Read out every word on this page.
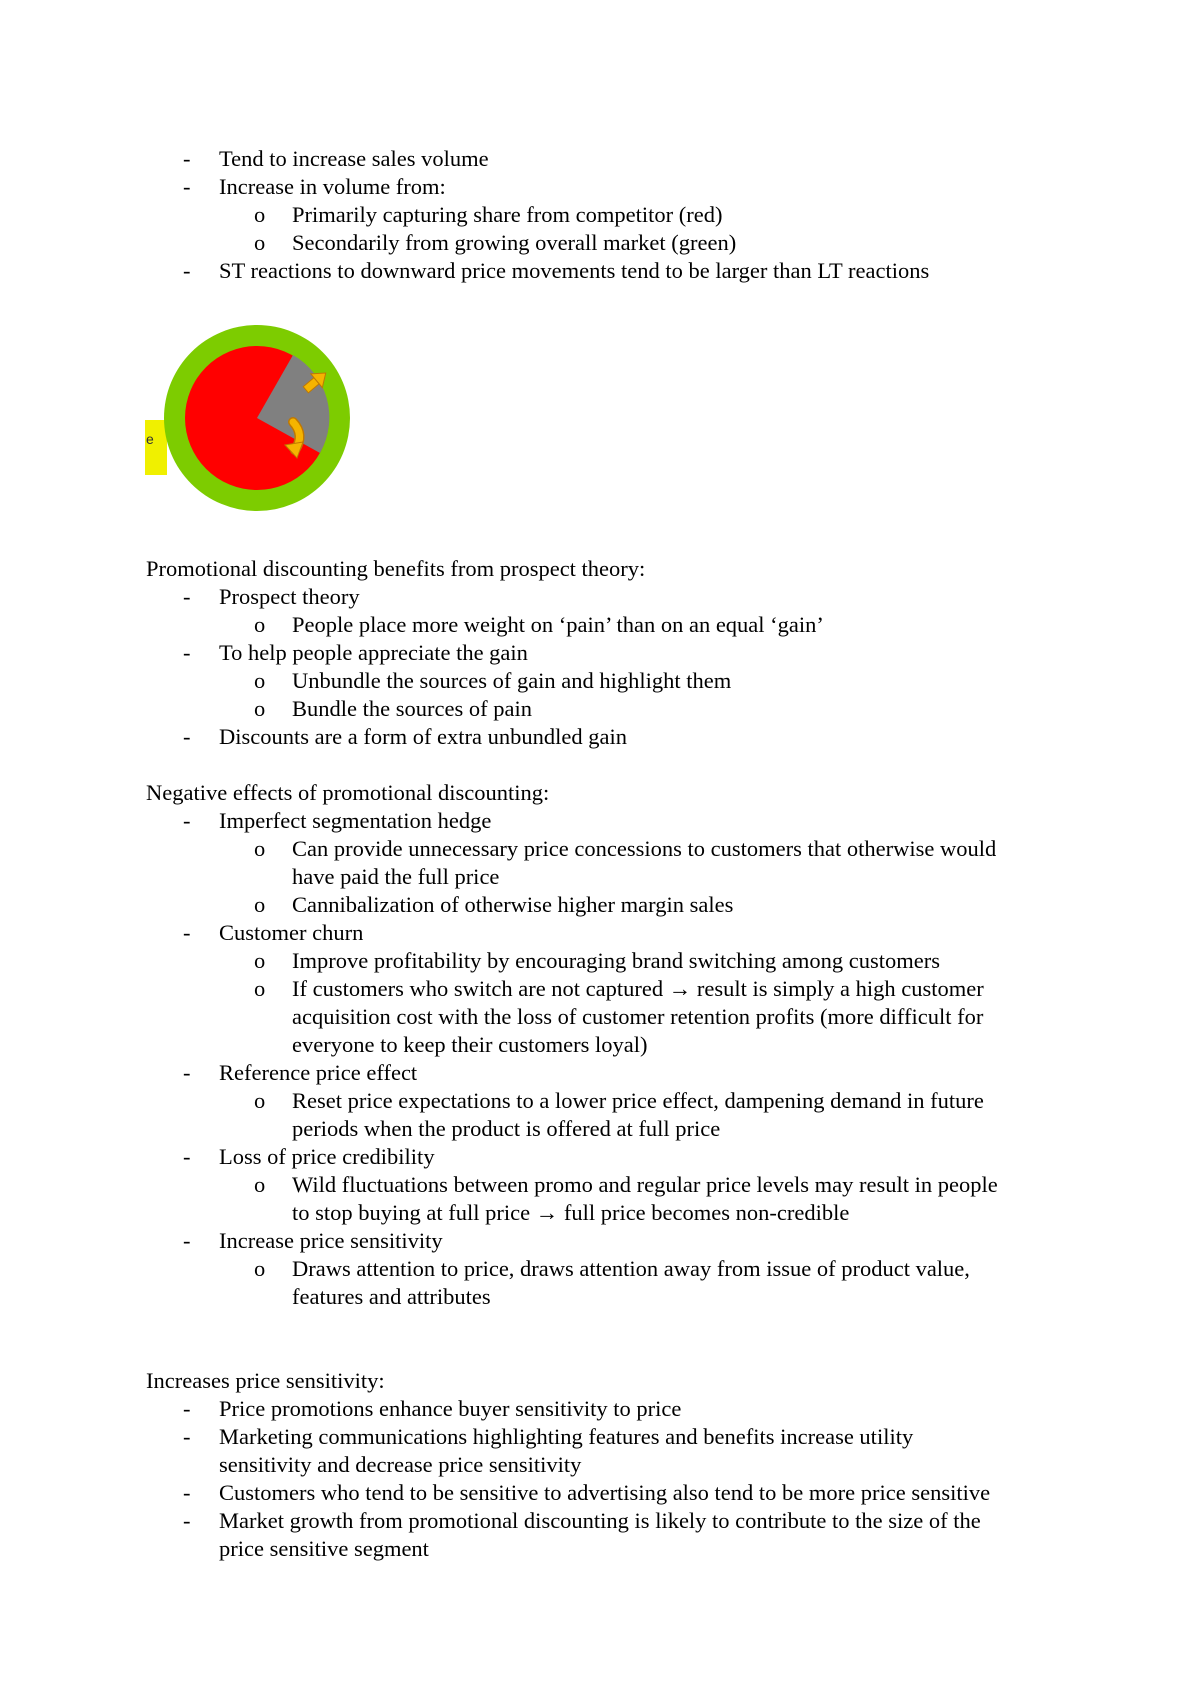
- Tend to increase sales volume
- Increase in volume from:
o Primarily capturing share from competitor (red)
o Secondarily from growing overall market (green)
- ST reactions to downward price movements tend to be larger than LT reactions
e
Promotional discounting benefits from prospect theory:
- Prospect theory
o People place more weight on ‘pain’ than on an equal ‘gain’
- To help people appreciate the gain
o Unbundle the sources of gain and highlight them
o Bundle the sources of pain
- Discounts are a form of extra unbundled gain
Negative effects of promotional discounting:
- Imperfect segmentation hedge
o Can provide unnecessary price concessions to customers that otherwise would
have paid the full price
o Cannibalization of otherwise higher margin sales
- Customer churn
o Improve profitability by encouraging brand switching among customers
o If customers who switch are not captured → result is simply a high customer
acquisition cost with the loss of customer retention profits (more difficult for
everyone to keep their customers loyal)
- Reference price effect
o Reset price expectations to a lower price effect, dampening demand in future
periods when the product is offered at full price
- Loss of price credibility
o Wild fluctuations between promo and regular price levels may result in people
to stop buying at full price → full price becomes non-credible
- Increase price sensitivity
o Draws attention to price, draws attention away from issue of product value,
features and attributes
Increases price sensitivity:
- Price promotions enhance buyer sensitivity to price
- Marketing communications highlighting features and benefits increase utility
sensitivity and decrease price sensitivity
- Customers who tend to be sensitive to advertising also tend to be more price sensitive
- Market growth from promotional discounting is likely to contribute to the size of the
price sensitive segment
